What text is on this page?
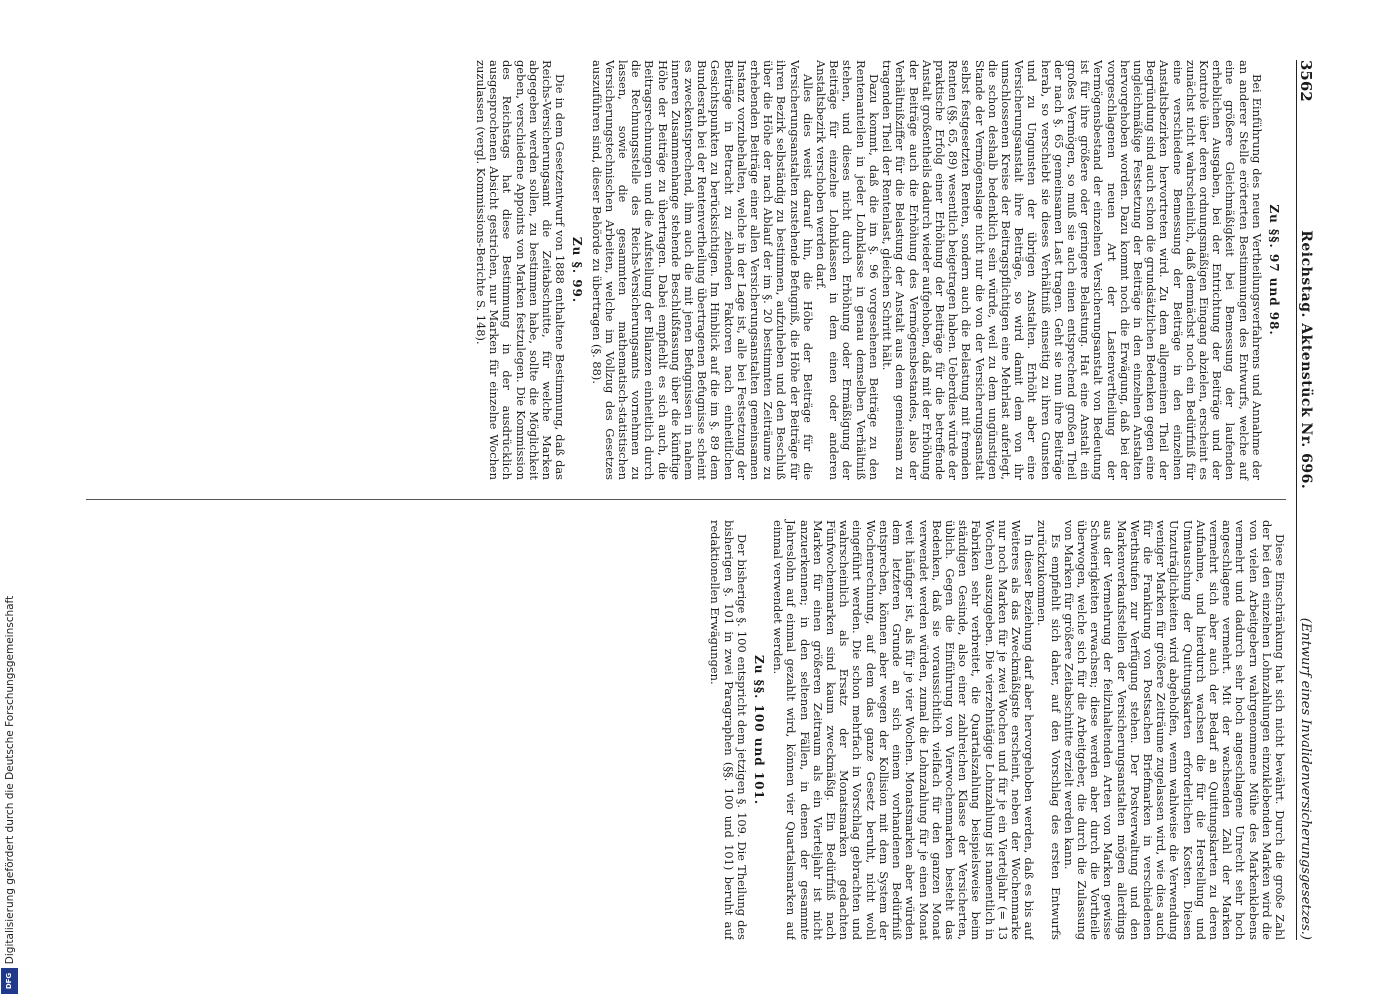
Digitalisierung gefördert durch die Deutsche Forschungsgemeinschaft
DFG
3562
Reichstag. Aktenstück Nr. 696.
(Entwurf eines Invalidenversicherungsgesetzes.)
Zu §§. 97 und 98.

Bei Einführung des neuen Vertheilungsverfahrens und Annahme der an anderer Stelle erörterten Bestimmungen des Entwurfs, welche auf eine größere Gleichmäßigkeit bei Bemessung der laufenden erheblichen Ausgaben, bei der Entrichtung der Beiträge und der Kontrole über deren ordnungsmäßigen Eingang abzielen, erscheint es zunächst nicht wahrscheinlich, daß demnächst noch ein Bedürfniß für eine verschiedene Bemessung der Beiträge in den einzelnen Anstaltsbezirken hervortreten wird. Zu dem allgemeinen Theil der Begründung sind auch schon die grundsätzlichen Bedenken gegen eine ungleichmäßige Festsetzung der Beiträge in den einzelnen Anstalten hervorgehoben worden. Dazu kommt noch die Erwägung, daß bei der vorgeschlagenen neuen Art der Lastenvertheilung der Vermögensbestand der einzelnen Versicherungsanstalt von Bedeutung ist für ihre größere oder geringere Belastung. Hat eine Anstalt ein großes Vermögen, so muß sie auch einen entsprechend großen Theil der nach §. 65 gemeinsamen Last tragen. Geht sie nun ihre Beiträge herab, so verschiebt sie dieses Verhältniß einseitig zu ihren Gunsten und zu Ungunsten der übrigen Anstalten. Erhöht aber eine Versicherungsanstalt ihre Beiträge, so wird damit dem von ihr umschlossenen Kreise der Beitragspflichtigen eine Mehrlast auferlegt, die schon deshalb bedenklich sein würde, weil zu dem ungünstigen Stande der Vermögenslage nicht nur die von der Versicherungsanstalt selbst festgesetzten Renten, sondern auch die Belastung mit fremden Renten (§§. 65, 89) wesentlich beigetragen haben. Ueberdies würde der praktische Erfolg einer Erhöhung der Beiträge für die betreffende Anstalt großentheils dadurch wieder aufgehoben, daß mit der Erhöhung der Beiträge auch die Erhöhung des Vermögensbestandes, also der Verhältnißziffer für die Belastung der Anstalt aus dem gemeinsam zu tragenden Theil der Rentenlast, gleichen Schritt hält.

Dazu kommt, daß die im §. 96 vorgesehenen Beiträge zu den Rentenanteilen in jeder Lohnklasse in genau demselben Verhältniß stehen, und dieses nicht durch Erhöhung oder Ermäßigung der Beiträge für einzelne Lohnklassen in dem einen oder anderen Anstaltsbezirk verschoben werden darf.

Alles dies weist darauf hin, die Höhe der Beiträge für die Versicherungsanstalten zustehende Befugniß, die Höhe der Beiträge für ihren Bezirk selbständig zu bestimmen, aufzuheben und den Beschluß über die Höhe der nach Ablauf der im §. 20 bestimmten Zeiträume zu erhebenden Beiträge einer allen Versicherungsanstalten gemeinsamen Instanz vorzubehalten, welche in der Lage ist, alle bei Festsetzung der Beiträge in Betracht zu ziehenden Faktoren nach einheitlichen Gesichtspunkten zu berücksichtigen. Im Hinblick auf die im §. 89 dem Bundesrath bei der Rentenvertheilung übertragenen Befugnisse scheint es zweckentsprechend, ihm auch die mit jenen Befugnissen in nahem inneren Zusammenhange stehende Beschlußfassung über die künftige Höhe der Beiträge zu übertragen. Dabei empfiehlt es sich auch, die Beitragsrechnungen und die Aufstellung der Bilanzen einheitlich durch die Rechnungsstelle des Reichs-Versicherungsamts vornehmen zu lassen, sowie die gesammten mathematisch-statistischen Versicherungstechnischen Arbeiten, welche im Vollzug des Gesetzes auszuführen sind, dieser Behörde zu übertragen (§. 88).

Zu §. 99.

Die in dem Gesetzentwurf von 1888 enthaltene Bestimmung, daß das Reichs-Versicherungsamt die Zeitabschnitte, für welche Marken abgegeben werden sollen, zu bestimmen habe, sollte die Möglichkeit geben, verschiedene Appoints von Marken festzulegen. Die Kommission des Reichstags hat diese Bestimmung in der ausdrücklich ausgesprochenen Absicht gestrichen, nur Marken für einzelne Wochen zuzulassen (vergl. Kommissions-Berichte S. 148).

Diese Einschränkung hat sich nicht bewährt. Durch die große Zahl der bei den einzelnen Lohnzahlungen einzuklebenden Marken wird die von vielen Arbeitgebern wahrgenommene Mühe des Markenklebens vermehrt und dadurch sehr hoch angeschlagene Unrecht sehr hoch angeschlagene vermehrt. Mit der wachsenden Zahl der Marken vermehrt sich aber auch der Bedarf an Quittungskarten zu deren Aufnahme, und hierdurch wachsen die für die Herstellung und Umtauschung der Quittungskarten erforderlichen Kosten. Diesen Unzuträglichkeiten wird abgeholfen, wenn wahlweise die Verwendung weniger Marken für größere Zeiträume zugelassen wird, wie dies auch für die Frankirung von Postsachen Briefmarken in verschiedenen Werthstufen zur Verfügung stehen. Der Postverwaltung und den Markenverkaufsstellen der Versicherungsanstalten mögen allerdings aus der Vermehrung der feilzuhaltenden Arten von Marken gewisse Schwierigkeiten erwachsen; diese werden aber durch die Vortheile überwogen, welche sich für die Arbeitgeber, die durch die Zulassung von Marken für größere Zeitabschnitte erzielt werden kann.

Es empfiehlt sich daher, auf den Vorschlag des ersten Entwurfs zurückzukommen.

In dieser Beziehung darf aber hervorgehoben werden, daß es bis auf Weiteres als das Zweckmäßigste erscheint, neben der Wochenmarke nur noch Marken für je zwei Wochen und für je ein Vierteljahr (= 13 Wochen) auszugeben. Die vierzehntägige Lohnzahlung ist namentlich in Fabriken sehr verbreitet, die Quartalszahlung beispielsweise beim ständigen Gesinde, also einer zahlreichen Klasse der Versicherten, üblich. Gegen die Einführung von Vierwochenmarken besteht das Bedenken, daß sie voraussichtlich vielfach für den ganzen Monat verwendet werden würden, zumal die Lohnzahlung für je einen Monat weit häufiger ist, als für je vier Wochen. Monatsmarken aber würden dem letzteren Grunde an sich einem vorhandenen Bedürfniß entsprechen, können aber wegen der Kollision mit dem System der Wochenrechnung, auf dem das ganze Gesetz beruht, nicht wohl eingeführt werden. Die schon mehrfach in Vorschlag gebrachten und wahrscheinlich als Ersatz der Monatsmarken gedachten Fünfwochenmarken sind kaum zweckmäßig. Ein Bedürfniß nach Marken für einen größeren Zeitraum als ein Vierteljahr ist nicht anzuerkennen; in den seltenen Fällen, in denen der gesammte Jahreslohn auf einmal gezahlt wird, können vier Quartalsmarken auf einmal verwendet werden.

Zu §§. 100 und 101.

Der bisherige §. 100 entspricht dem jetzigen §. 109. Die Theilung des bisherigen §. 101 in zwei Paragraphen (§§. 100 und 101) beruht auf redaktionellen Erwägungen.
